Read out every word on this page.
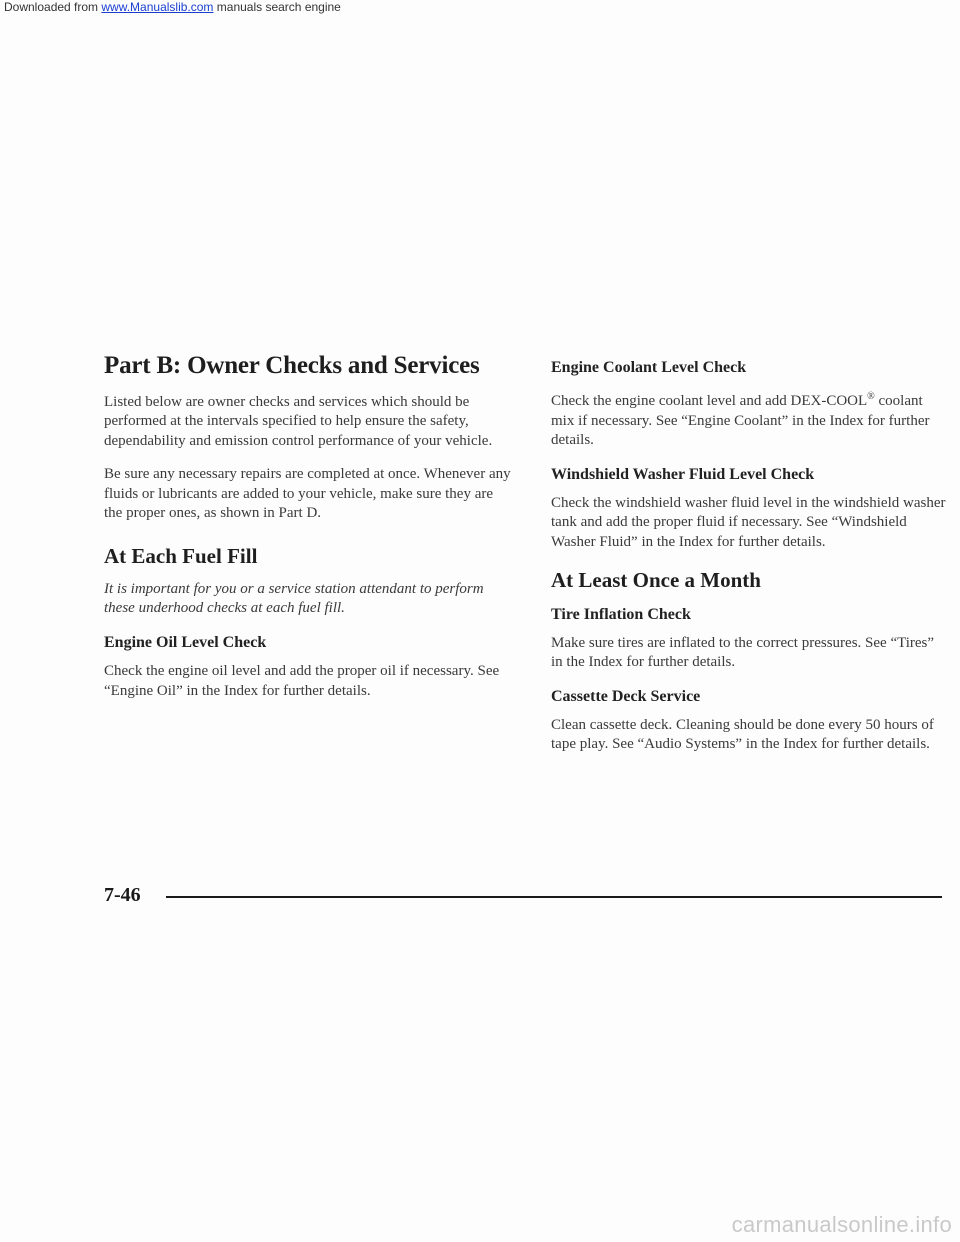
Downloaded from www.Manualslib.com manuals search engine
Part B: Owner Checks and Services

Listed below are owner checks and services which should be performed at the intervals specified to help ensure the safety, dependability and emission control performance of your vehicle.

Be sure any necessary repairs are completed at once. Whenever any fluids or lubricants are added to your vehicle, make sure they are the proper ones, as shown in Part D.

At Each Fuel Fill

It is important for you or a service station attendant to perform these underhood checks at each fuel fill.

Engine Oil Level Check

Check the engine oil level and add the proper oil if necessary. See “Engine Oil” in the Index for further details.

Engine Coolant Level Check

Check the engine coolant level and add DEX-COOL® coolant mix if necessary. See “Engine Coolant” in the Index for further details.

Windshield Washer Fluid Level Check

Check the windshield washer fluid level in the windshield washer tank and add the proper fluid if necessary. See “Windshield Washer Fluid” in the Index for further details.

At Least Once a Month
Tire Inflation Check

Make sure tires are inflated to the correct pressures. See “Tires” in the Index for further details.

Cassette Deck Service

Clean cassette deck. Cleaning should be done every 50 hours of tape play. See “Audio Systems” in the Index for further details.

7-46
carmanualsonline.info
